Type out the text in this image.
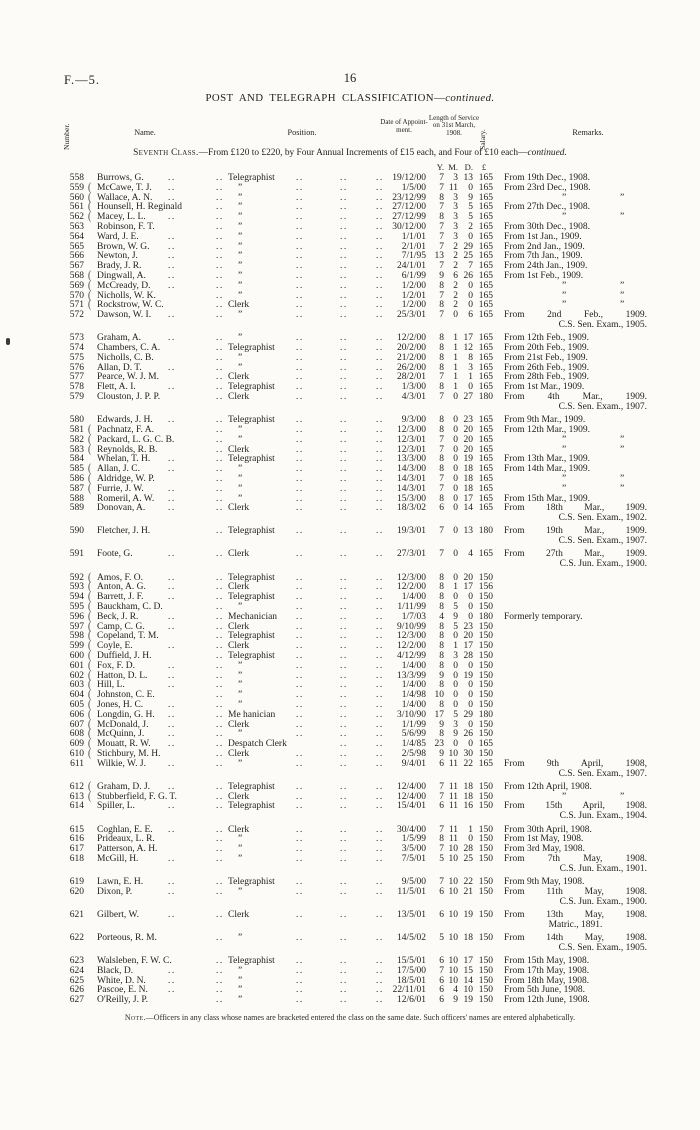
F.—5.	16
POST AND TELEGRAPH CLASSIFICATION—continued.
Number.	Name.	Position.
Date of Appoint- ment.
Length of Service on 31st March, 1908.	Salary.	Remarks.
Seventh Class.—From £120 to £220, by Four Annual Increments of £15 each, and Four of £10 each—continued.
Y. M. D.	£
558 Burrows, G.	..	.. Telegraphist ..	..	.. 19/12/00	7 3 13 165 From 19th Dec., 1908.
559 ( McCawe, T. J. ..	.. ”	..	..	..	1/5/00	7 11	0 165 From 23rd Dec., 1908.
560 ( Wallace, A. N. ..	.. ”	..	..	.. 23/12/99	8 3	9 165	”	”
561 ( Hounsell, H. Reginald	.. ”	..	..	.. 27/12/00	7 3	5 165 From 27th Dec., 1908.
562 ( Macey, L. L. ..	.. ”	..	..	.. 27/12/99	8 3	5 165	”	”
563 Robinson, F. T.	.. ”	..	..	.. 30/12/00	7 3	2 165 From 30th Dec., 1908.
564 Ward, J. E.	..	.. ”	..	..	..	1/1/01	7 3	0 165 From 1st Jan., 1909.
565 Brown, W. G. ..	.. ”	..	..	..	2/1/01	7 2 29 165 From 2nd Jan., 1909.
566 Newton, J.	..	.. ”	..	..	..	7/1/95 13 2 25 165 From 7th Jan., 1909.
567 Brady, J. R.	..	.. ”	..	..	..	24/1/01	7 2	7 165 From 24th Jan., 1909.
568 ( Dingwall, A. ..	.. ”	..	..	..	6/1/99	9 6 26 165 From 1st Feb., 1909.
569 ( McCready, D. ..	.. ”	..	..	..	1/2/00	8 2	0 165	”	”
570 ( Nicholls, W. K.	.. ”	..	..	..	1/2/01	7 2	0 165	”	”
571 ( Rockstrow, W. C.	.. Clerk	..	..	..	1/2/00	8 2	0 165	”	”
572 Dawson, W. I. ..	.. ”	..	..	..	25/3/01	7 0	6 165 From 2nd Feb., 1909.
C.S. Sen. Exam., 1905.
573 Graham, A.	..	.. ”	..	..	..	12/2/00	8 1 17 165 From 12th Feb., 1909.
574 Chambers, C. A.	.. Telegraphist ..	..	..	20/2/00	8 1 12 165 From 20th Feb., 1909.
575 Nicholls, C. B.	.. ”	..	..	..	21/2/00	8 1	8 165 From 21st Feb., 1909.
576 Allan, D. T.	..	.. ”	..	..	..	26/2/00	8 1	3 165 From 26th Feb., 1909.
577 Pearce, W. J. M.	.. Clerk	..	..	..	28/2/01	7 1	1 165 From 28th Feb., 1909.
578 Flett, A. I.	..	.. Telegraphist ..	..	..	1/3/00	8 1	0 165 From 1st Mar., 1909.
579 Clouston, J. P. P.	.. Clerk	..	..	..	4/3/01	7 0 27 180 From 4th Mar., 1909.
C.S. Sen. Exam., 1907.
580 Edwards, J. H. ..	.. Telegraphist ..	..	..	9/3/00	8 0 23 165 From 9th Mar., 1909.
581 ( Pachnatz, F. A.	.. ”	..	..	..	12/3/00	8 0 20 165 From 12th Mar., 1909.
582 ( Packard, L. G. C. B.	.. ”	..	..	..	12/3/01	7 0 20 165	”	”
583 ( Reynolds, R. B.	.. Clerk	..	..	..	12/3/01	7 0 20 165	”	”
584 Whelan, T. H. ..	.. Telegraphist ..	..	..	13/3/00	8 0 19 165 From 13th Mar., 1909.
585 ( Allan, J. C.	..	.. ”	..	..	..	14/3/00	8 0 18 165 From 14th Mar., 1909.
586 ( Aldridge, W. P.	.. ”	..	..	..	14/3/01	7 0 18 165	”	”
587 ( Furrie, J. W.	..	.. ”	..	..	..	14/3/01	7 0 18 165	”	”
588 Romeril, A. W. ..	.. ”	..	..	..	15/3/00	8 0 17 165 From 15th Mar., 1909.
589 Donovan, A. ..	.. Clerk	..	..	..	18/3/02	6 0 14 165 From 18th Mar., 1909.
C.S. Sen. Exam., 1902.
590 Fletcher, J. H.	.. Telegraphist ..	..	..	19/3/01	7 0 13 180 From 19th Mar., 1909.
C.S. Sen. Exam., 1907.
591 Foote, G.	..	.. Clerk	..	..	..	27/3/01	7 0	4 165 From 27th Mar., 1909.
C.S. Jun. Exam., 1900.
592 ( Amos, F. O.	..	.. Telegraphist ..	..	..	12/3/00	8 0 20 150
593 ( Anton, A. G. ..	.. Clerk	..	..	..	12/2/00	8 1 17 156
594 ( Barrett, J. F.	..	.. Telegraphist ..	..	..	1/4/00	8 0	0 150
595 ( Bauckham, C. D.	.. ”	..	..	..	1/11/99	8 5	0 150
596 ( Beck, J. R.	..	.. Mechanician ..	..	..	1/7/03	4 9	0 180 Formerly temporary.
597 ( Camp, C. G. ..	.. Clerk	..	..	..	9/10/99	8 5 23 150
598 ( Copeland, T. M.	.. Telegraphist ..	..	..	12/3/00	8 0 20 150
599 ( Coyle, E.	..	.. Clerk	..	..	..	12/2/00	8 1 17 150
600 ( Duffield, J. H.	.. Telegraphist ..	..	..	4/12/99	8 3 28 150
601 ( Fox, F. D.	..	.. ”	..	..	..	1/4/00	8 0	0 150
602 ( Hatton, D. L. ..	.. ”	..	..	..	13/3/99	9 0 19 150
603 ( Hill, L.	..	.. ”	..	..	..	1/4/00	8 0	0 150
604 ( Johnston, C. E.	.. ”	..	..	..	1/4/98 10 0	0 150
605 ( Jones, H. C.	..	.. ”	..	..	..	1/4/00	8 0	0 150
606 ( Longdin, G. H. ..	.. Me hanician ..	..	..	3/10/90 17 5 29 180
607 ( McDonald, J. ..	.. Clerk	..	..	..	1/1/99	9 3	0 150
608 ( McQuinn, J.	..	.. ”	..	..	..	5/6/99	8 9 26 150
609 ( Mouatt, R. W. ..	.. Despatch Clerk	..	..	1/4/85 23 0	0 165
610 ( Stichbury, M. H.	.. Clerk	..	..	..	2/5/98	9 10 30 150
611 Wilkie, W. J. ..	.. ”	..	..	..	9/4/01	6 11 22 165 From 9th April, 1908,
C.S. Sen. Exam., 1907.
612 ( Graham, D. J. ..	.. Telegraphist ..	..	..	12/4/00	7 11 18 150 From 12th April, 1908.
613 ( Stubberfield, F. G. T.	.. Clerk	..	..	..	12/4/00	7 11 18 150	”	”
614 Spiller, L.	..	.. Telegraphist ..	..	..	15/4/01	6 11 16 150 From 15th April, 1908.
C.S. Jun. Exam., 1904.
615 Coghlan, E. E. ..	.. Clerk	..	..	..	30/4/00	7 11	1 150 From 30th April, 1908.
616 Prideaux, L. R.	.. ”	..	..	..	1/5/99	8 11	0 150 From 1st May, 1908.
617 Patterson, A. H.	.. ”	..	..	..	3/5/00	7 10 28 150 From 3rd May, 1908.
618 McGill, H.	..	.. ”	..	..	..	7/5/01	5 10 25 150 From 7th May, 1908.
C.S. Jun. Exam., 1901.
619 Lawn, E. H.	..	.. Telegraphist ..	..	..	9/5/00	7 10 22 150 From 9th May, 1908.
620 Dixon, P.	..	.. ”	..	..	..	11/5/01	6 10 21 150 From 11th May, 1908.
C.S. Jun. Exam., 1900.
621 Gilbert, W.	..	.. Clerk	..	..	..	13/5/01	6 10 19 150 From 13th May, 1908.
Matric., 1891.
622 Porteous, R. M.	.. ”	..	..	..	14/5/02	5 10 18 150 From 14th May, 1908.
C.S. Sen. Exam., 1905.
623 Walsleben, F. W. C.	.. Telegraphist ..	..	..	15/5/01	6 10 17 150 From 15th May, 1908.
624 Black, D.	..	.. ”	..	..	..	17/5/00	7 10 15 150 From 17th May, 1908.
625 White, D. N. ..	.. ”	..	..	..	18/5/01	6 10 14 150 From 18th May, 1908.
626 Pascoe, E. N. ..	.. ”	..	..	.. 22/11/01	6 4 10 150 From 5th June, 1908.
627 O'Reilly, J. P.	.. ”	..	..	..	12/6/01	6 9 19 150 From 12th June, 1908.
Note.—Officers in any class whose names are bracketed entered the class on the same date. Such officers' names are entered alphabetically.
